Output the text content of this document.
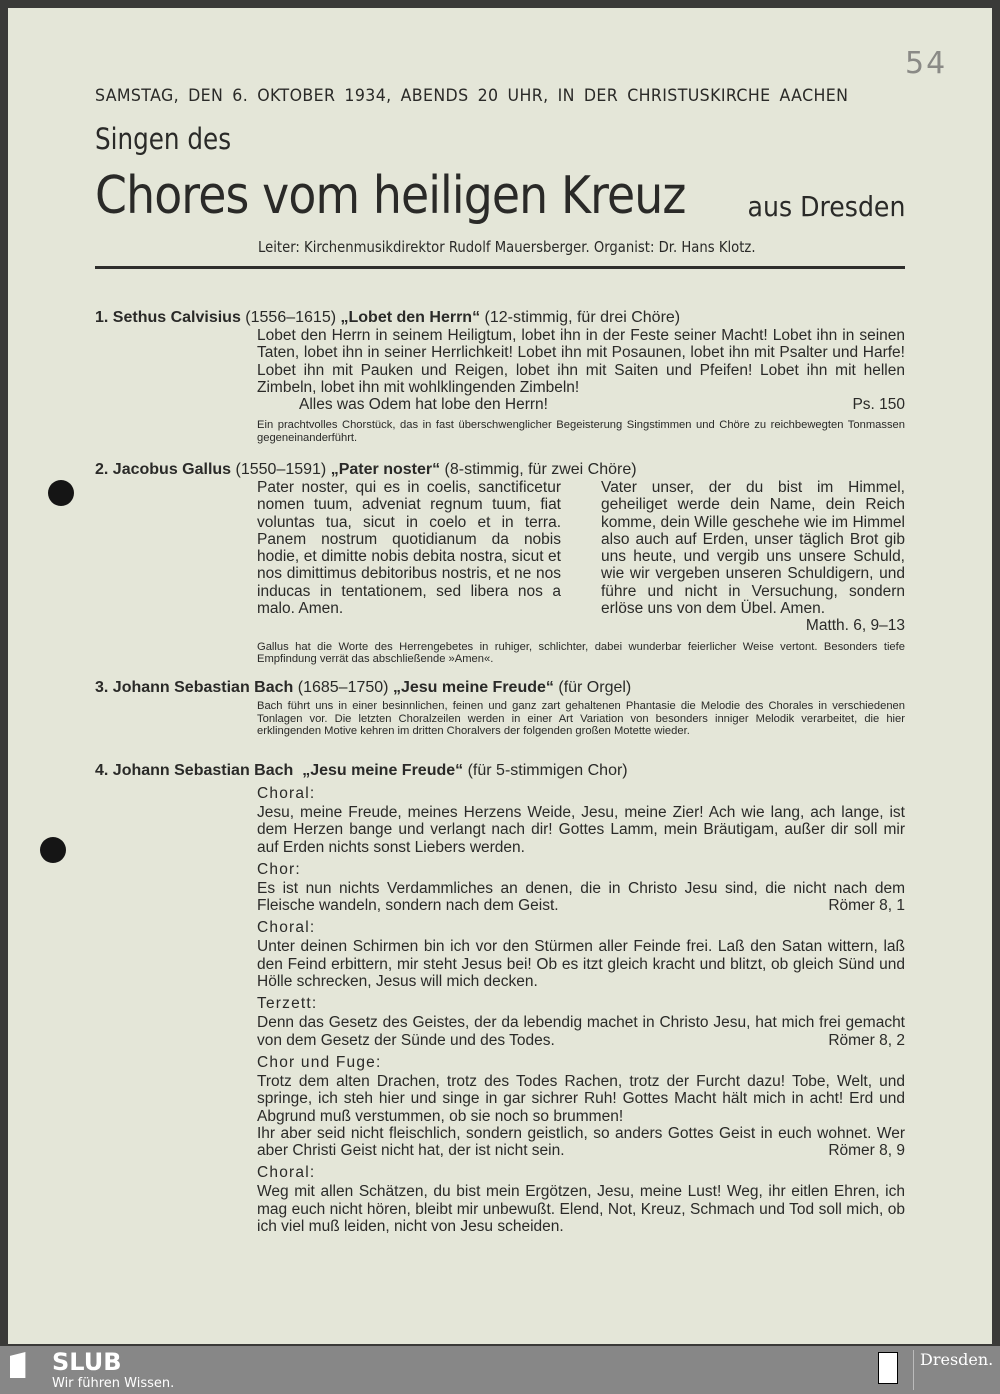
54
SAMSTAG, DEN 6. OKTOBER 1934, ABENDS 20 UHR, IN DER CHRISTUSKIRCHE AACHEN
Singen des
Chores vom heiligen Kreuz aus Dresden
Leiter: Kirchenmusikdirektor Rudolf Mauersberger. Organist: Dr. Hans Klotz.
1. Sethus Calvisius (1556–1615) „Lobet den Herrn“ (12-stimmig, für drei Chöre)
Lobet den Herrn in seinem Heiligtum, lobet ihn in der Feste seiner Macht! Lobet ihn in seinen Taten, lobet ihn in seiner Herrlichkeit! Lobet ihn mit Posaunen, lobet ihn mit Psalter und Harfe! Lobet ihn mit Pauken und Reigen, lobet ihn mit Saiten und Pfeifen! Lobet ihn mit hellen Zimbeln, lobet ihn mit wohlklingenden Zimbeln!
Alles was Odem hat lobe den Herrn!	Ps. 150
Ein prachtvolles Chorstück, das in fast überschwenglicher Begeisterung Singstimmen und Chöre zu reichbewegten Tonmassen gegeneinanderführt.
2. Jacobus Gallus (1550–1591) „Pater noster“ (8-stimmig, für zwei Chöre)
Pater noster, qui es in coelis, sanctificetur nomen tuum, adveniat regnum tuum, fiat voluntas tua, sicut in coelo et in terra. Panem nostrum quotidianum da nobis hodie, et dimitte nobis debita nostra, sicut et nos dimittimus debitoribus nostris, et ne nos inducas in tentationem, sed libera nos a malo. Amen.
Vater unser, der du bist im Himmel, geheiliget werde dein Name, dein Reich komme, dein Wille geschehe wie im Himmel also auch auf Erden, unser täglich Brot gib uns heute, und vergib uns unsere Schuld, wie wir vergeben unseren Schuldigern, und führe und nicht in Versuchung, sondern erlöse uns von dem Übel. Amen.
Matth. 6, 9–13
Gallus hat die Worte des Herrengebetes in ruhiger, schlichter, dabei wunderbar feierlicher Weise vertont. Besonders tiefe Empfindung verrät das abschließende »Amen«.
3. Johann Sebastian Bach (1685–1750) „Jesu meine Freude“ (für Orgel)
Bach führt uns in einer besinnlichen, feinen und ganz zart gehaltenen Phantasie die Melodie des Chorales in verschiedenen Tonlagen vor. Die letzten Choralzeilen werden in einer Art Variation von besonders inniger Melodik verarbeitet, die hier erklingenden Motive kehren im dritten Choralvers der folgenden großen Motette wieder.
4. Johann Sebastian Bach „Jesu meine Freude“ (für 5-stimmigen Chor)
Choral:
Jesu, meine Freude, meines Herzens Weide, Jesu, meine Zier! Ach wie lang, ach lange, ist dem Herzen bange und verlangt nach dir! Gottes Lamm, mein Bräutigam, außer dir soll mir auf Erden nichts sonst Liebers werden.
Chor:
Es ist nun nichts Verdammliches an denen, die in Christo Jesu sind, die nicht nach dem Fleische wandeln, sondern nach dem Geist.	Römer 8, 1
Choral:
Unter deinen Schirmen bin ich vor den Stürmen aller Feinde frei. Laß den Satan wittern, laß den Feind erbittern, mir steht Jesus bei! Ob es itzt gleich kracht und blitzt, ob gleich Sünd und Hölle schrecken, Jesus will mich decken.
Terzett:
Denn das Gesetz des Geistes, der da lebendig machet in Christo Jesu, hat mich frei gemacht von dem Gesetz der Sünde und des Todes.	Römer 8, 2
Chor und Fuge:
Trotz dem alten Drachen, trotz des Todes Rachen, trotz der Furcht dazu! Tobe, Welt, und springe, ich steh hier und singe in gar sichrer Ruh! Gottes Macht hält mich in acht! Erd und Abgrund muß verstummen, ob sie noch so brummen!
Ihr aber seid nicht fleischlich, sondern geistlich, so anders Gottes Geist in euch wohnet. Wer aber Christi Geist nicht hat, der ist nicht sein.	Römer 8, 9
Choral:
Weg mit allen Schätzen, du bist mein Ergötzen, Jesu, meine Lust! Weg, ihr eitlen Ehren, ich mag euch nicht hören, bleibt mir unbewußt. Elend, Not, Kreuz, Schmach und Tod soll mich, ob ich viel muß leiden, nicht von Jesu scheiden.
SLUB
Wir führen Wissen.
Dresden.
